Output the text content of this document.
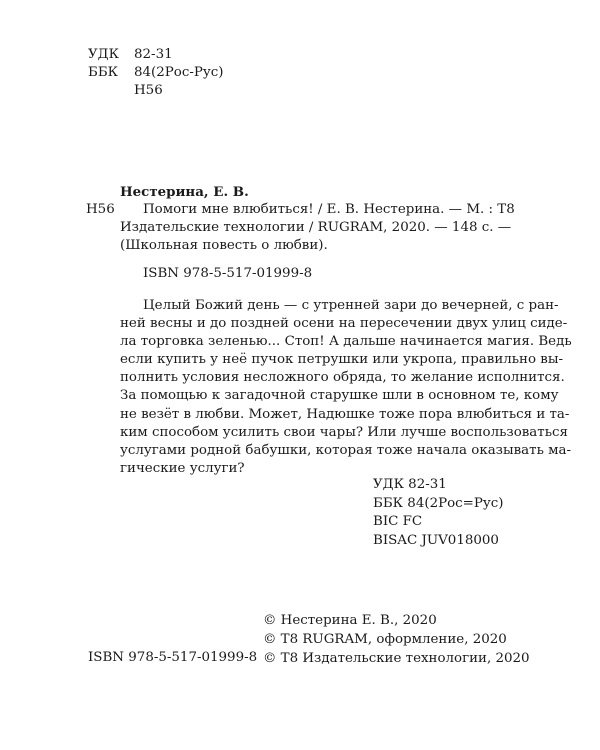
УДК	82-31
ББК	84(2Рос-Рус)
Н56
Нестерина, Е. В.
Н56 Помоги мне влюбиться! / Е. В. Нестерина. — М. : Т8
Издательские технологии / RUGRAM, 2020. — 148 с. —
(Школьная повесть о любви).
ISBN 978-5-517-01999-8
Целый Божий день — с утренней зари до вечерней, с ран-
ней весны и до поздней осени на пересечении двух улиц сиде-
ла торговка зеленью... Стоп! А дальше начинается магия. Ведь
если купить у неё пучок петрушки или укропа, правильно вы-
полнить условия несложного обряда, то желание исполнится.
За помощью к загадочной старушке шли в основном те, кому
не везёт в любви. Может, Надюшке тоже пора влюбиться и та-
ким способом усилить свои чары? Или лучше воспользоваться
услугами родной бабушки, которая тоже начала оказывать ма-
гические услуги?
УДК 82-31
ББК 84(2Рос=Рус)
BIC FC
BISAC JUV018000
© Нестерина Е. В., 2020
© T8 RUGRAM, оформление, 2020
© Т8 Издательские технологии, 2020
ISBN 978-5-517-01999-8
